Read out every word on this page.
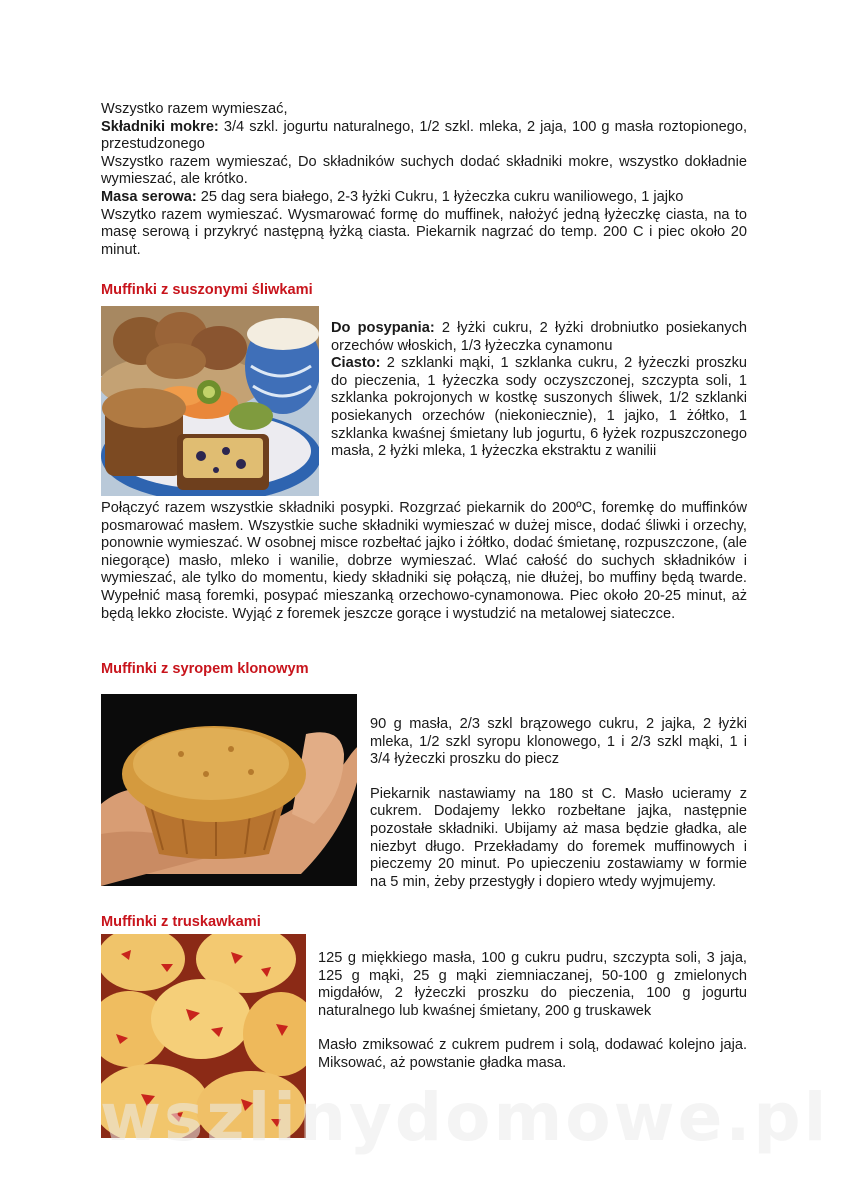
Wszystko razem wymieszać,
Składniki mokre: 3/4 szkl. jogurtu naturalnego, 1/2 szkl. mleka, 2 jaja, 100 g masła roztopionego, przestudzonego
Wszystko razem wymieszać, Do składników suchych dodać składniki mokre, wszystko dokładnie wymieszać, ale krótko.
Masa serowa: 25 dag sera białego, 2-3 łyżki Cukru, 1 łyżeczka cukru waniliowego, 1 jajko
Wszytko razem wymieszać. Wysmarować formę do muffinek, nałożyć jedną łyżeczkę ciasta, na to masę serową i przykryć następną łyżką ciasta. Piekarnik nagrzać do temp. 200 C i piec około 20 minut.
Muffinki z suszonymi śliwkami
Do posypania: 2 łyżki cukru, 2 łyżki drobniutko posiekanych orzechów włoskich, 1/3 łyżeczka cynamonu
Ciasto: 2 szklanki mąki, 1 szklanka cukru, 2 łyżeczki proszku do pieczenia, 1 łyżeczka sody oczyszczonej, szczypta soli, 1 szklanka pokrojonych w kostkę suszonych śliwek, 1/2 szklanki posiekanych orzechów (niekoniecznie), 1 jajko, 1 żółtko, 1 szklanka kwaśnej śmietany lub jogurtu, 6 łyżek rozpuszczonego masła, 2 łyżki mleka, 1 łyżeczka ekstraktu z wanilii
Połączyć razem wszystkie składniki posypki. Rozgrzać piekarnik do 200ºC, foremkę do muffinków posmarować masłem. Wszystkie suche składniki wymieszać w dużej misce, dodać śliwki i orzechy, ponownie wymieszać. W osobnej misce rozbełtać jajko i żółtko, dodać śmietanę, rozpuszczone, (ale niegorące) masło, mleko i wanilie, dobrze wymieszać. Wlać całość do suchych składników i wymieszać, ale tylko do momentu, kiedy składniki się połączą, nie dłużej, bo muffiny będą twarde. Wypełnić masą foremki, posypać mieszanką orzechowo-cynamonowa. Piec około 20-25 minut, aż będą lekko złociste. Wyjąć z foremek jeszcze gorące i wystudzić na metalowej siateczce.
Muffinki z syropem klonowym
90 g masła, 2/3 szkl brązowego cukru, 2 jajka, 2 łyżki mleka, 1/2 szkl syropu klonowego, 1 i 2/3 szkl mąki, 1 i 3/4 łyżeczki proszku do piecz
Piekarnik nastawiamy na 180 st C. Masło ucieramy z cukrem. Dodajemy lekko rozbełtane jajka, następnie pozostałe składniki. Ubijamy aż masa będzie gładka, ale niezbyt długo. Przekładamy do foremek muffinowych i pieczemy 20 minut. Po upieczeniu zostawiamy w formie na 5 min, żeby przestygły i dopiero wtedy wyjmujemy.
Muffinki z truskawkami
125 g miękkiego masła, 100 g cukru pudru, szczypta soli, 3 jaja, 125 g mąki, 25 g mąki ziemniaczanej, 50-100 g zmielonych migdałów, 2 łyżeczki proszku do pieczenia, 100 g jogurtu naturalnego lub kwaśnej śmietany, 200 g truskawek
Masło zmiksować z cukrem pudrem i solą, dodawać kolejno jaja. Miksować, aż powstanie gładka masa.
wszlinydomowe.pl
